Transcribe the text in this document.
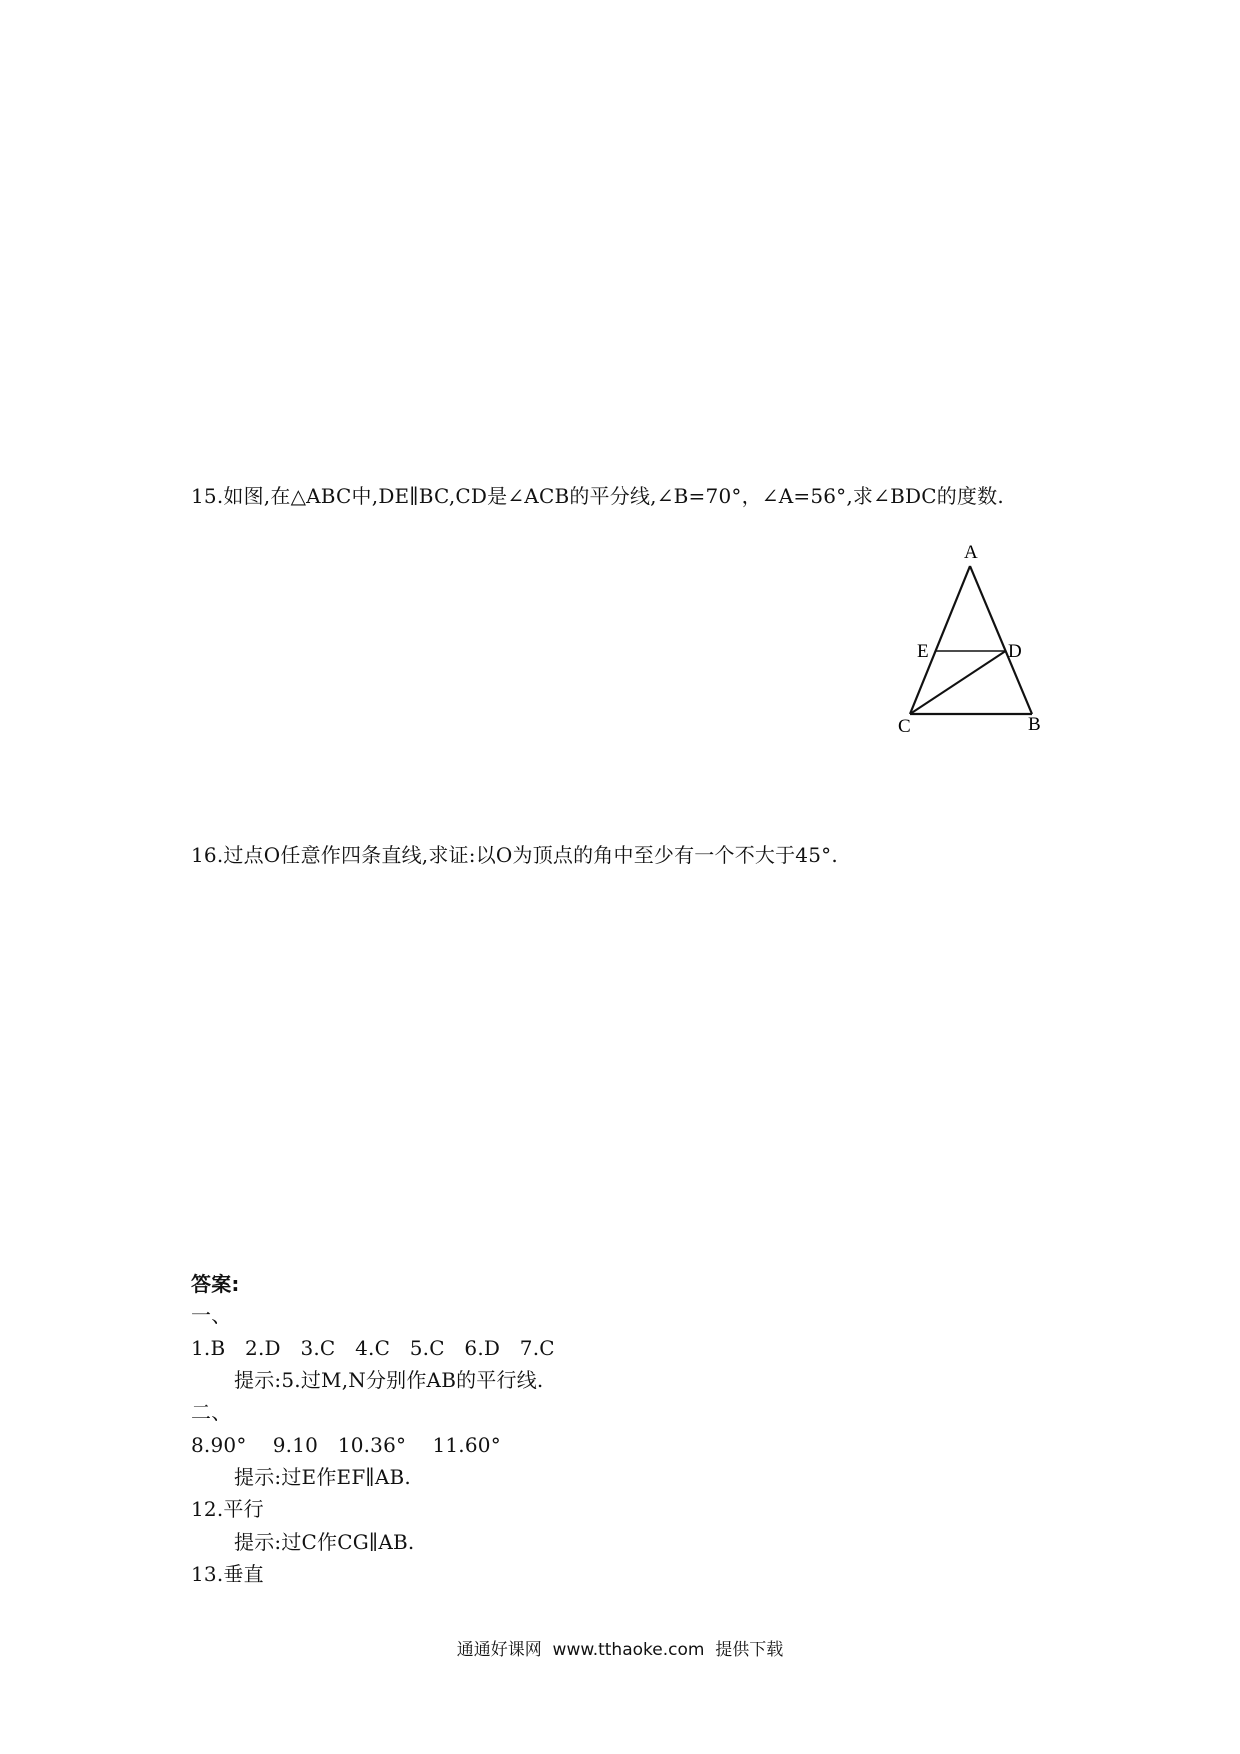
15.如图,在△ABC中,DE∥BC,CD是∠ACB的平分线,∠B=70°，∠A=56°,求∠BDC的度数.
A
E	D
C	B
16.过点O任意作四条直线,求证:以O为顶点的角中至少有一个不大于45°.
答案:
一、
1.B   2.D   3.C   4.C   5.C   6.D   7.C
提示:5.过M,N分别作AB的平行线.
二、
8.90°    9.10   10.36°    11.60°
提示:过E作EF∥AB.
12.平行
提示:过C作CG∥AB.
13.垂直
通通好课网  www.tthaoke.com  提供下载
